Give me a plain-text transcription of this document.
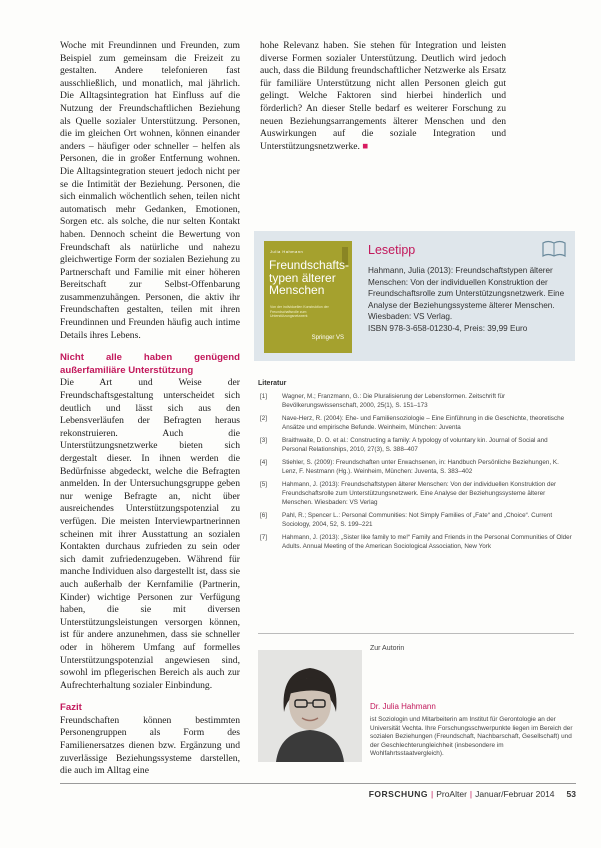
Woche mit Freundinnen und Freunden, zum Beispiel zum gemeinsam die Freizeit zu gestalten. Andere telefonieren fast ausschließlich, und monatlich, mal jährlich. Die Alltagsintegration hat Einfluss auf die Nutzung der Freundschaftlichen Beziehung als Quelle sozialer Unterstützung. Personen, die im gleichen Ort wohnen, können einander anders – häufiger oder schneller – helfen als Personen, die in großer Entfernung wohnen. Die Alltagsintegration steuert jedoch nicht per se die Intimität der Beziehung. Personen, die sich einmalich wöchentlich sehen, teilen nicht automatisch mehr Gedanken, Emotionen, Sorgen etc. als solche, die nur selten Kontakt haben. Dennoch scheint die Bewertung von Freundschaft als natürliche und nahezu gleichwertige Form der sozialen Beziehung zu Partnerschaft und Familie mit einer höheren Bereitschaft zur Selbst-Offenbarung zusammenzuhängen. Personen, die aktiv ihr Freundschaften gestalten, teilen mit ihren Freundinnen und Freunden häufig auch intime Details ihres Lebens.

Nicht alle haben genügend außerfamiliäre Unterstützung

Die Art und Weise der Freundschaftsgestaltung unterscheidet sich deutlich und lässt sich aus den Lebensverläufen der Befragten heraus rekonstruieren. Auch die Unterstützungsnetzwerke bieten sich dergestalt dieser. In ihnen werden die Bedürfnisse abgedeckt, welche die Befragten anmelden. In der Untersuchungsgruppe geben nur wenige Befragte an, nicht über ausreichendes Unterstützungspotenzial zu verfügen. Die meisten Interviewpartnerinnen scheinen mit ihrer Ausstattung an sozialen Kontakten durchaus zufrieden zu sein oder sich damit zufriedenzugeben. Während für manche Individuen also dargestellt ist, dass sie auch außerhalb der Kernfamilie (Partnerin, Kinder) wichtige Personen zur Verfügung haben, die sie mit diversen Unterstützungsleistungen versorgen können, ist für andere anzunehmen, dass sie schneller oder in höherem Umfang auf formelles Unterstützungspotenzial angewiesen sind, sowohl im pflegerischen Bereich als auch zur Aufrechterhaltung sozialer Einbindung.

Fazit

Freundschaften können bestimmten Personengruppen als Form des Familienersatzes dienen bzw. Ergänzung und zuverlässige Beziehungssysteme darstellen, die auch im Alltag eine

hohe Relevanz haben. Sie stehen für Integration und leisten diverse Formen sozialer Unterstützung. Deutlich wird jedoch auch, dass die Bildung freundschaftlicher Netzwerke als Ersatz für familiäre Unterstützung nicht allen Personen gleich gut gelingt. Welche Faktoren sind hierbei hinderlich und förderlich? An dieser Stelle bedarf es weiterer Forschung zu neuen Beziehungsarrangements älterer Menschen und den Auswirkungen auf die soziale Integration und Unterstützungsnetzwerke. ■

Julia Hahmann
Freundschafts-typen älterer Menschen
Von der individuellen Konstruktion der Freundschaftsrolle zum Unterstützungsnetzwerk
Springer VS
Lesetipp
Hahmann, Julia (2013): Freundschaftstypen älterer Menschen: Von der individuellen Konstruktion der Freundschaftsrolle zum Unterstützungsnetzwerk. Eine Analyse der Beziehungssysteme älterer Menschen. Wiesbaden: VS Verlag.
ISBN 978-3-658-01230-4, Preis: 39,99 Euro
Literatur
[1] Wagner, M.; Franzmann, G.: Die Pluralisierung der Lebensformen. Zeitschrift für Bevölkerungswissenschaft, 2000, 25(1), S. 151–173
[2] Nave-Herz, R. (2004): Ehe- und Familiensoziologie – Eine Einführung in die Geschichte, theoretische Ansätze und empirische Befunde. Weinheim, München: Juventa
[3] Braithwaite, D. O. et al.: Constructing a family: A typology of voluntary kin. Journal of Social and Personal Relationships, 2010, 27(3), S. 388–407
[4] Stiehler, S. (2009): Freundschaften unter Erwachsenen, in: Handbuch Persönliche Beziehungen, K. Lenz, F. Nestmann (Hg.). Weinheim, München: Juventa, S. 383–402
[5] Hahmann, J. (2013): Freundschaftstypen älterer Menschen: Von der individuellen Konstruktion der Freundschaftsrolle zum Unterstützungsnetzwerk. Eine Analyse der Beziehungssysteme älterer Menschen. Wiesbaden: VS Verlag
[6] Pahl, R.; Spencer L.: Personal Communities: Not Simply Families of „Fate“ and „Choice“. Current Sociology, 2004, 52, S. 199–221
[7] Hahmann, J. (2013): „Sister like family to me!“ Family and Friends in the Personal Communities of Older Adults. Annual Meeting of the American Sociological Association, New York
Zur Autorin
Dr. Julia Hahmann
ist Soziologin und Mitarbeiterin am Institut für Gerontologie an der Universität Vechta. Ihre Forschungsschwerpunkte liegen im Bereich der sozialen Beziehungen (Freundschaft, Nachbarschaft, Gesellschaft) und der Geschlechterungleichheit (insbesondere im Wohlfahrtsstaatvergleich).
FORSCHUNG | ProAlter | Januar/Februar 2014 53
